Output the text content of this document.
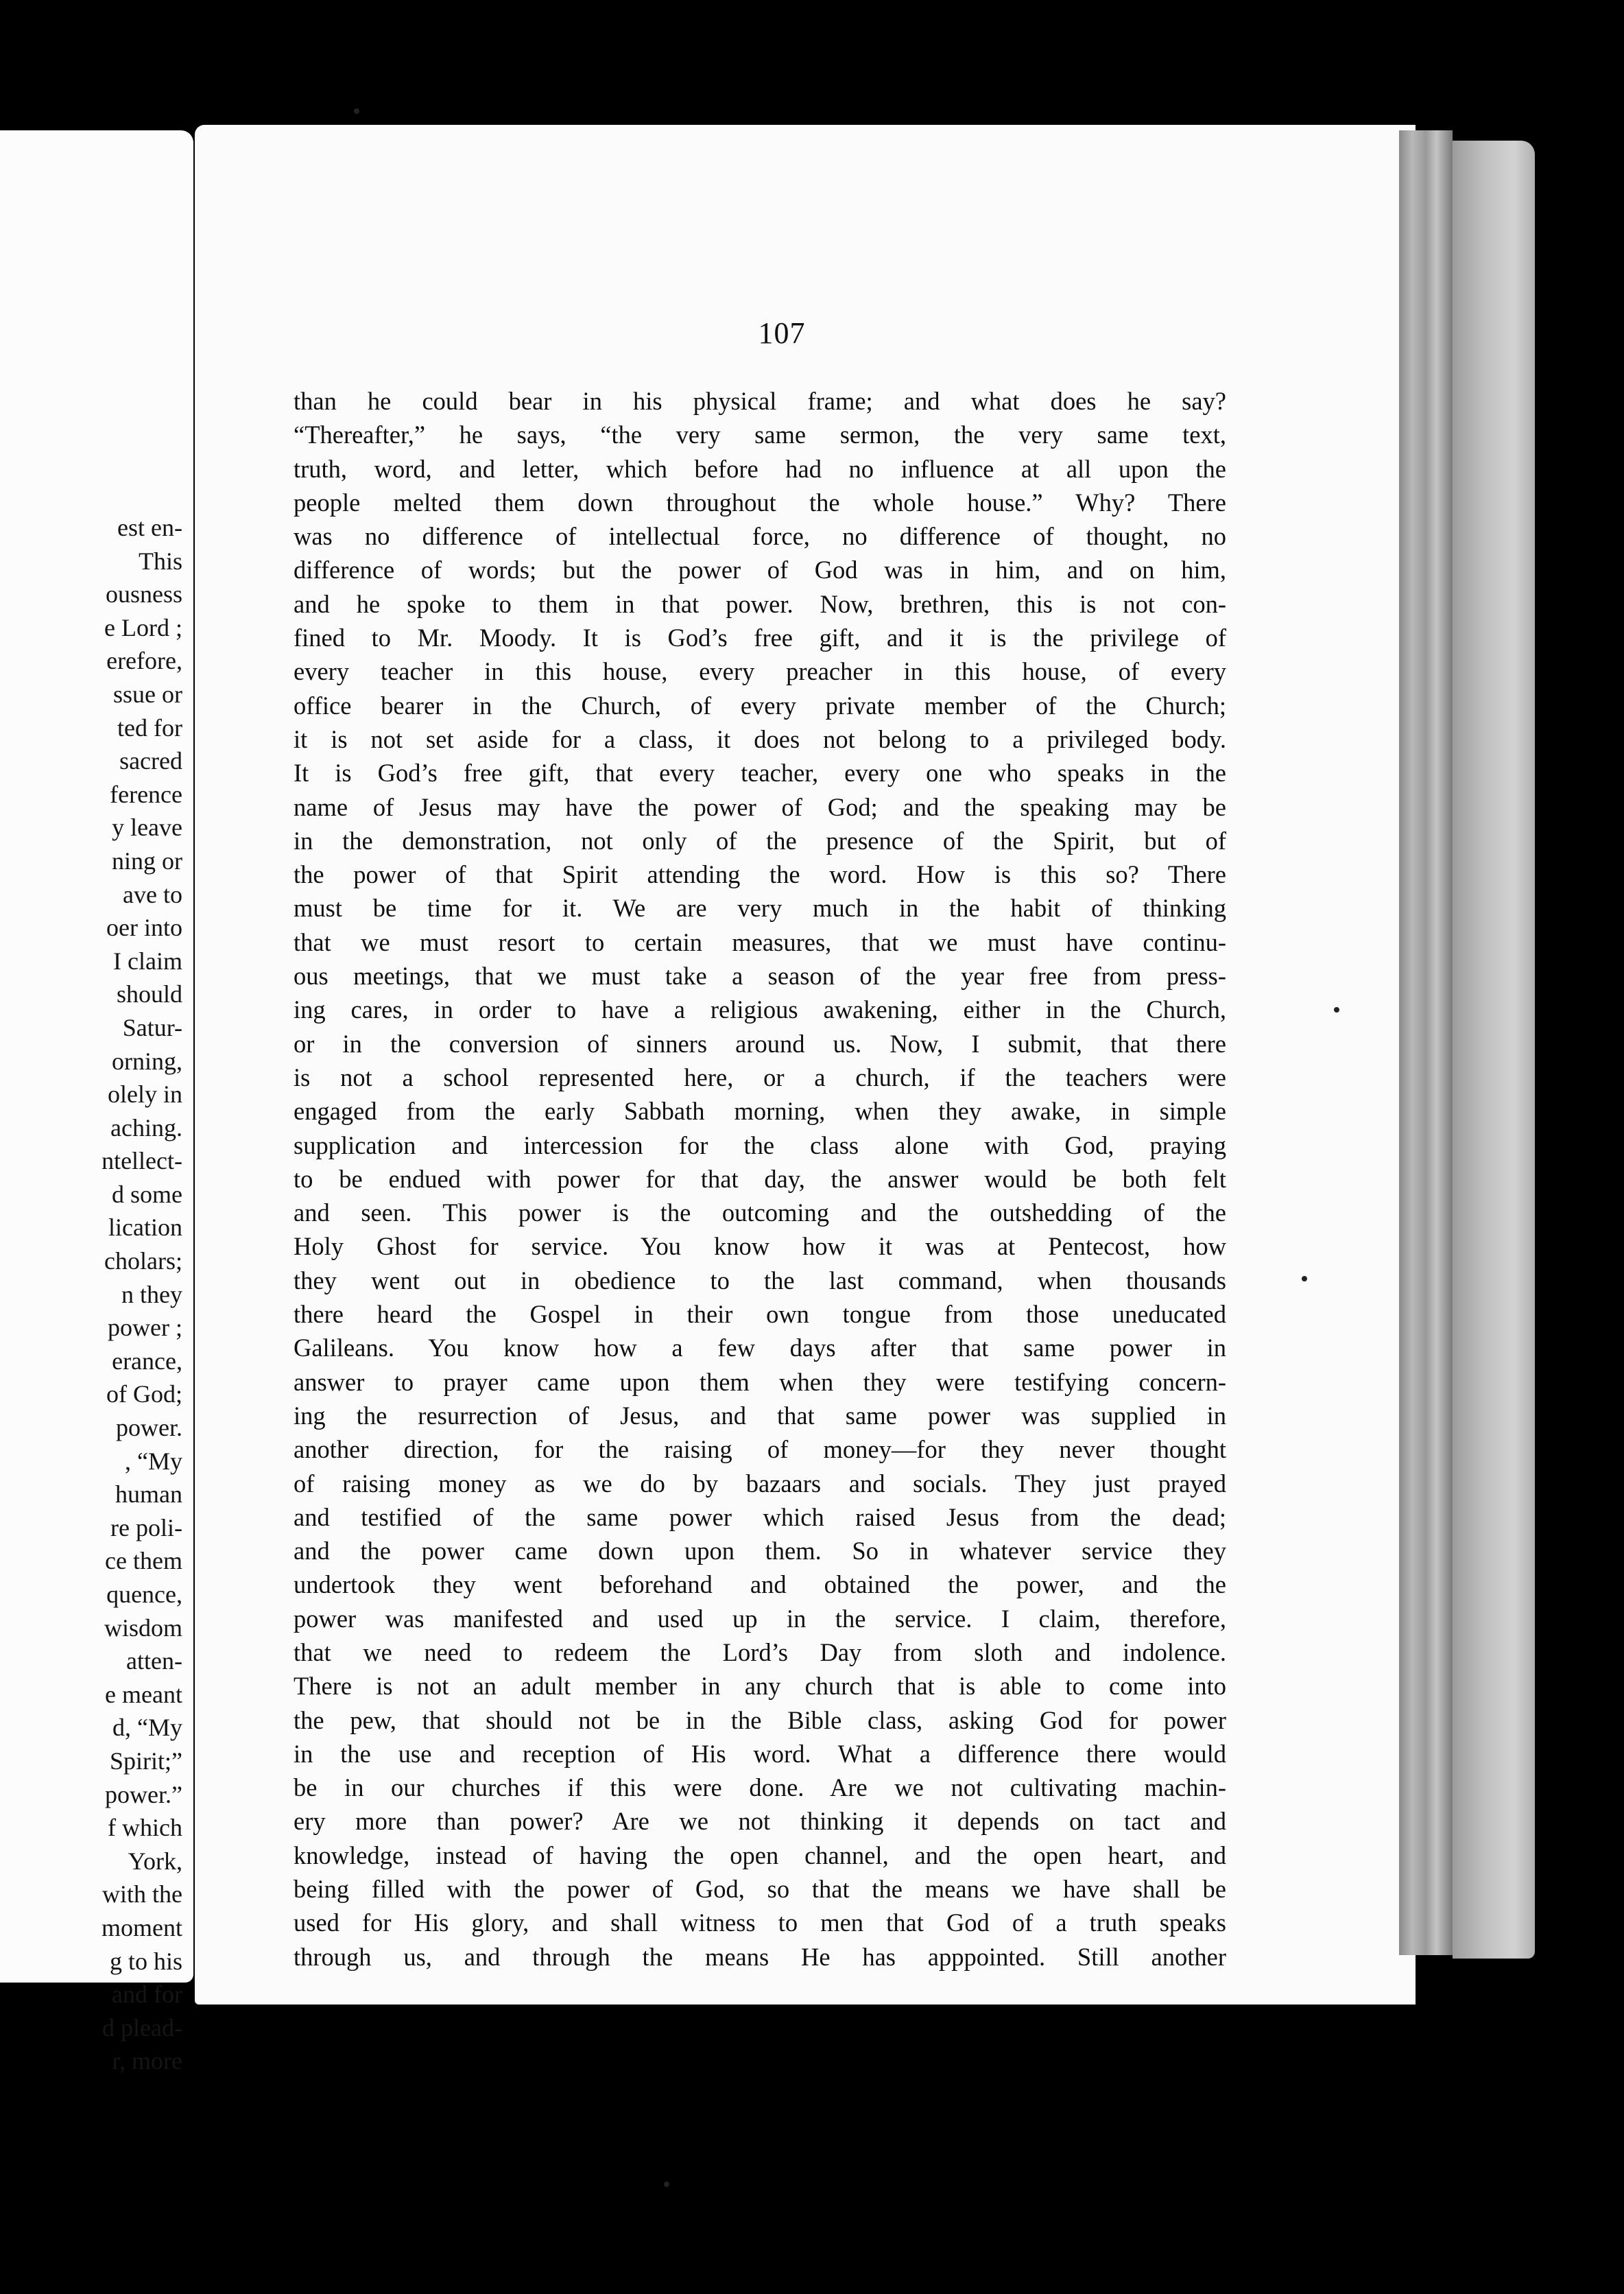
est en-
This
ousness
e Lord ;
erefore,
ssue or
ted for
sacred
ference
y leave
ning or
ave to
oer into
I claim
should
Satur-
orning,
olely in
aching.
ntellect-
d some
lication
cholars;
n they
power ;
erance,
of God;
power.
, “My
human
re poli-
ce them
quence,
wisdom
atten-
e meant
d, “My
Spirit;”
power.”
f which
York,
with the
moment
g to his
and for
d plead-
r, more
107
than he could bear in his physical frame; and what does he say?
“Thereafter,” he says, “the very same sermon, the very same text,
truth, word, and letter, which before had no influence at all upon the
people melted them down throughout the whole house.” Why? There
was no difference of intellectual force, no difference of thought, no
difference of words; but the power of God was in him, and on him,
and he spoke to them in that power. Now, brethren, this is not con-
fined to Mr. Moody. It is God’s free gift, and it is the privilege of
every teacher in this house, every preacher in this house, of every
office bearer in the Church, of every private member of the Church;
it is not set aside for a class, it does not belong to a privileged body.
It is God’s free gift, that every teacher, every one who speaks in the
name of Jesus may have the power of God; and the speaking may be
in the demonstration, not only of the presence of the Spirit, but of
the power of that Spirit attending the word. How is this so? There
must be time for it. We are very much in the habit of thinking
that we must resort to certain measures, that we must have continu-
ous meetings, that we must take a season of the year free from press-
ing cares, in order to have a religious awakening, either in the Church,
or in the conversion of sinners around us. Now, I submit, that there
is not a school represented here, or a church, if the teachers were
engaged from the early Sabbath morning, when they awake, in simple
supplication and intercession for the class alone with God, praying
to be endued with power for that day, the answer would be both felt
and seen. This power is the outcoming and the outshedding of the
Holy Ghost for service. You know how it was at Pentecost, how
they went out in obedience to the last command, when thousands
there heard the Gospel in their own tongue from those uneducated
Galileans. You know how a few days after that same power in
answer to prayer came upon them when they were testifying concern-
ing the resurrection of Jesus, and that same power was supplied in
another direction, for the raising of money—for they never thought
of raising money as we do by bazaars and socials. They just prayed
and testified of the same power which raised Jesus from the dead;
and the power came down upon them. So in whatever service they
undertook they went beforehand and obtained the power, and the
power was manifested and used up in the service. I claim, therefore,
that we need to redeem the Lord’s Day from sloth and indolence.
There is not an adult member in any church that is able to come into
the pew, that should not be in the Bible class, asking God for power
in the use and reception of His word. What a difference there would
be in our churches if this were done. Are we not cultivating machin-
ery more than power? Are we not thinking it depends on tact and
knowledge, instead of having the open channel, and the open heart, and
being filled with the power of God, so that the means we have shall be
used for His glory, and shall witness to men that God of a truth speaks
through us, and through the means He has apppointed. Still another
